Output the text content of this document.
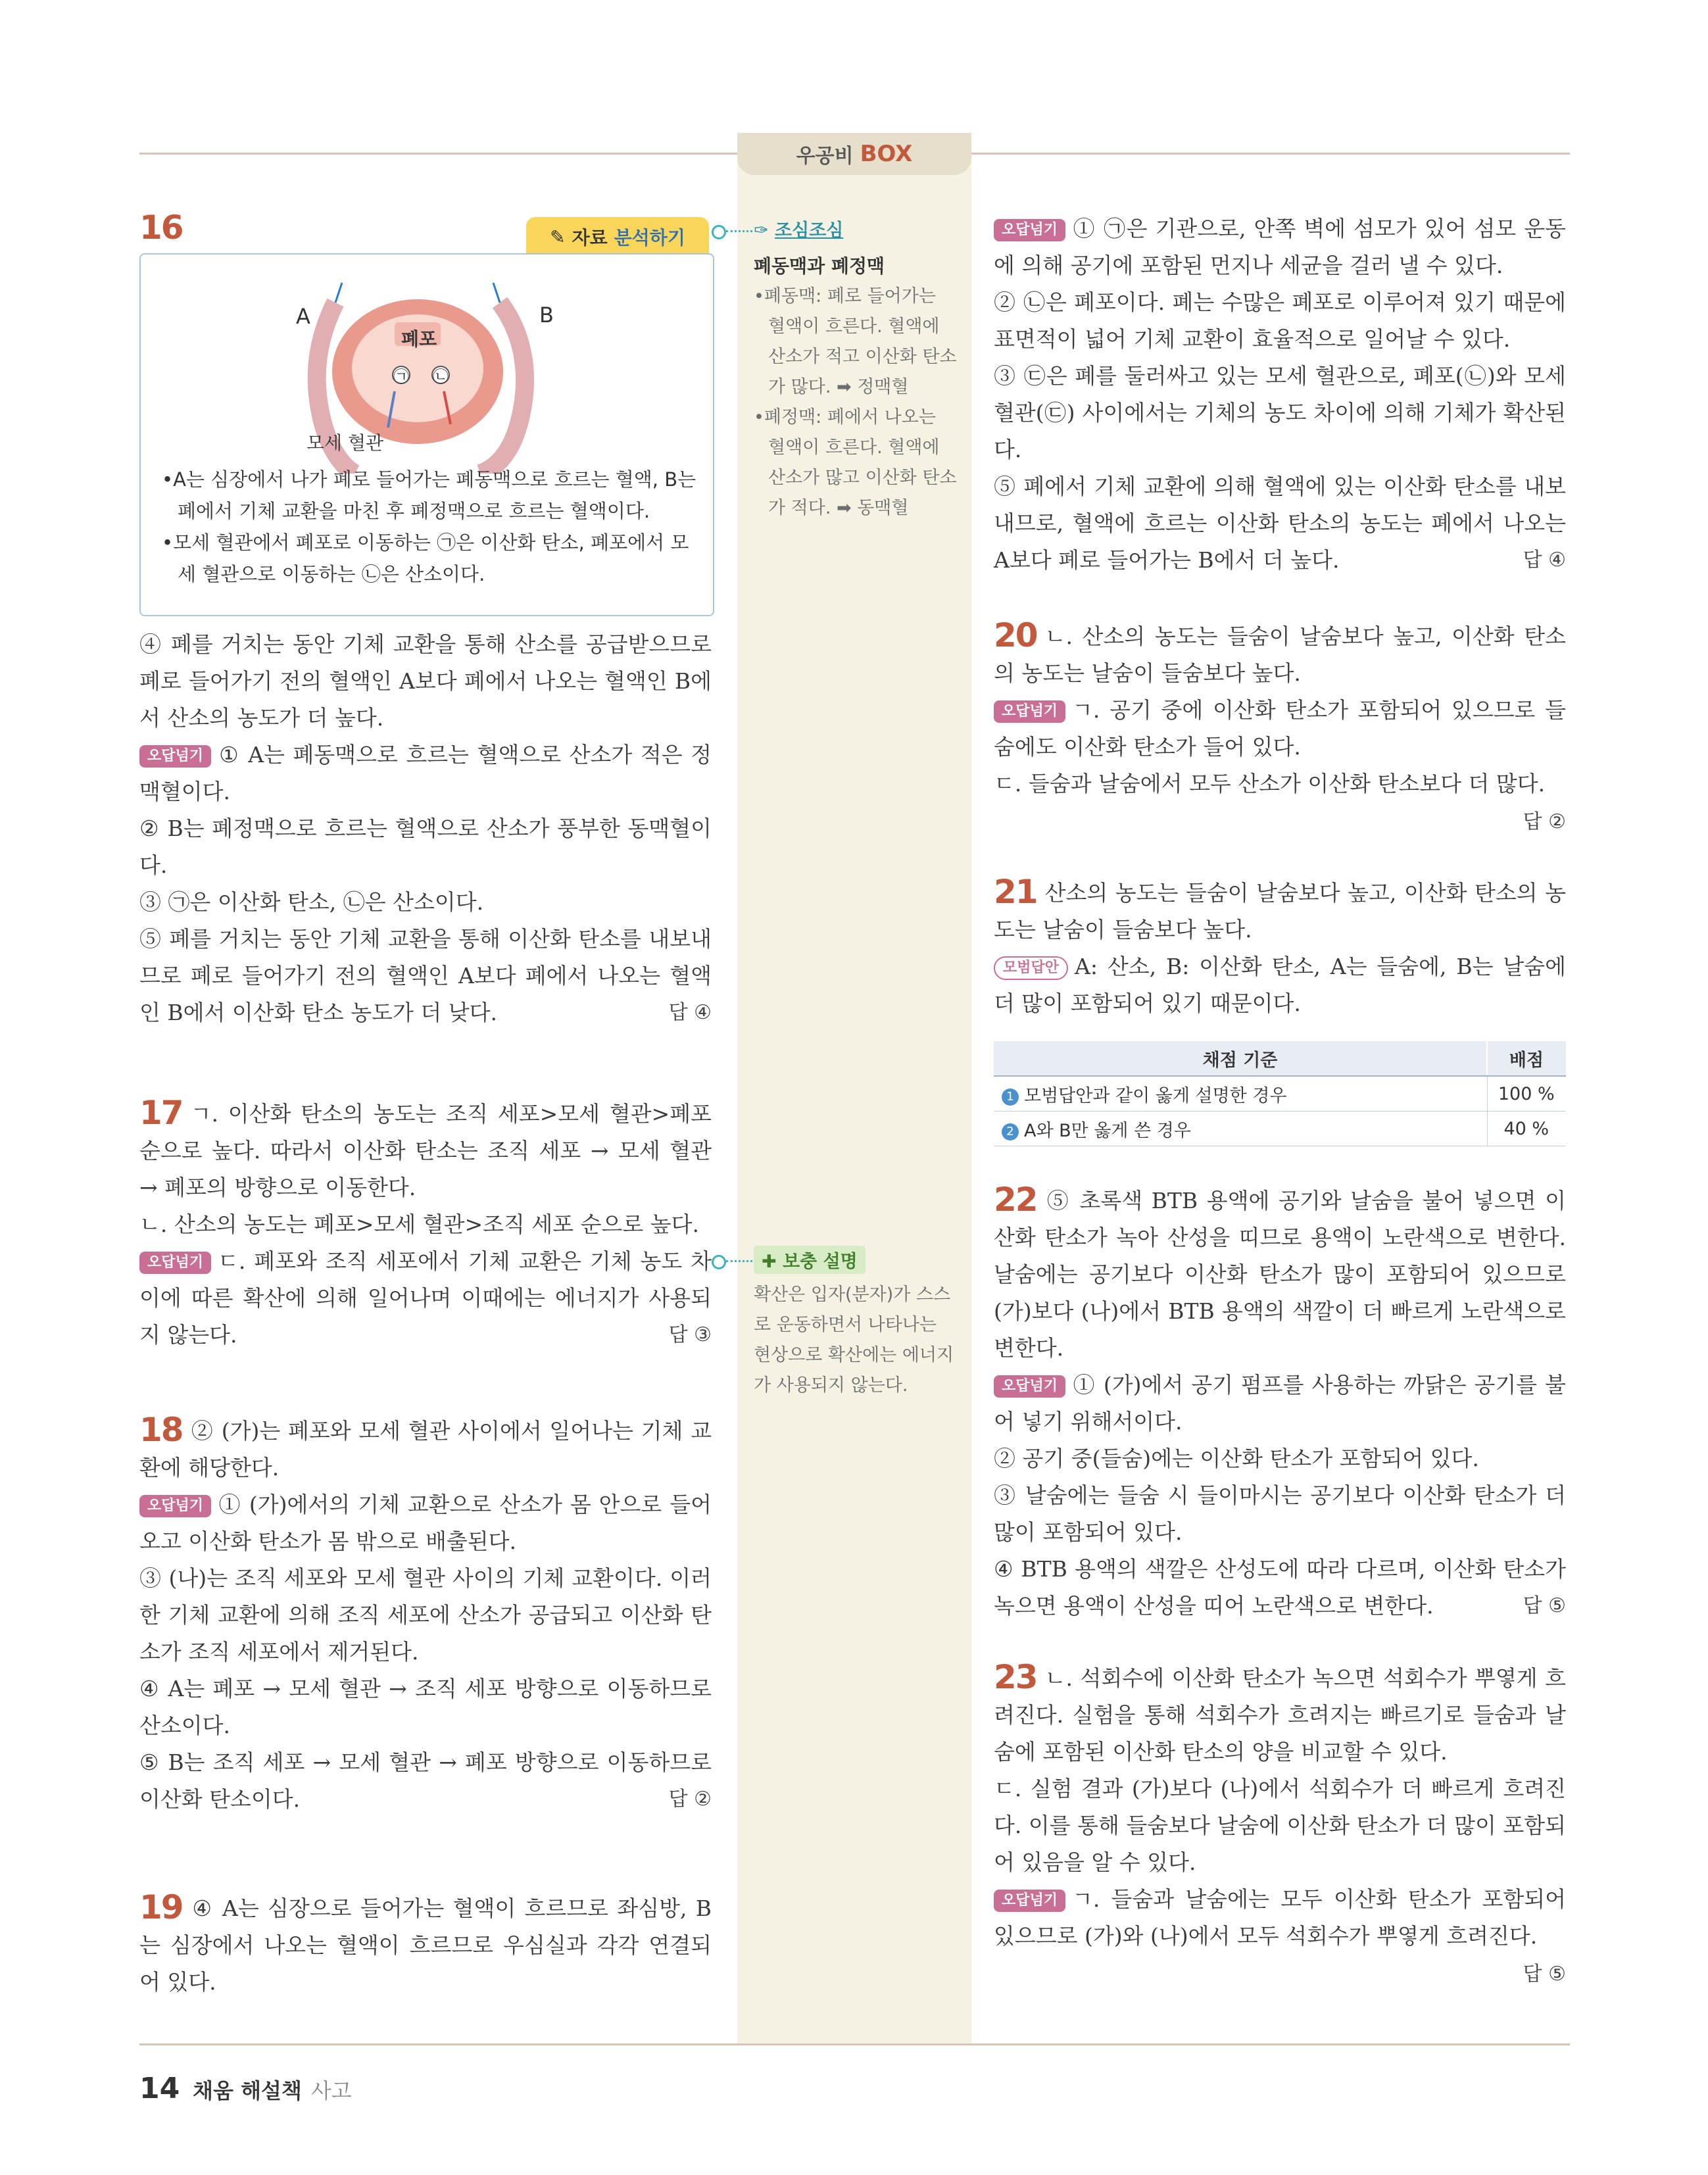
우공비 BOX
16	✎ 자료 분석하기
A	B
폐포
㉠ ㉡
모세 혈관

•A는 심장에서 나가 폐로 들어가는 폐동맥으로 흐르는 혈액, B는 폐에서 기체 교환을 마친 후 폐정맥으로 흐르는 혈액이다.

•모세 혈관에서 폐포로 이동하는 ㉠은 이산화 탄소, 폐포에서 모세 혈관으로 이동하는 ㉡은 산소이다.

④ 폐를 거치는 동안 기체 교환을 통해 산소를 공급받으므로 폐로 들어가기 전의 혈액인 A보다 폐에서 나오는 혈액인 B에서 산소의 농도가 더 높다.

오답넘기 ① A는 폐동맥으로 흐르는 혈액으로 산소가 적은 정맥혈이다.

② B는 폐정맥으로 흐르는 혈액으로 산소가 풍부한 동맥혈이다.

③ ㉠은 이산화 탄소, ㉡은 산소이다.

⑤ 폐를 거치는 동안 기체 교환을 통해 이산화 탄소를 내보내므로 폐로 들어가기 전의 혈액인 A보다 폐에서 나오는 혈액인 B에서 이산화 탄소 농도가 더 낮다.	답 ④

✑ 조심조심
폐동맥과 폐정맥
•폐동맥: 폐로 들어가는 혈액이 흐른다. 혈액에 산소가 적고 이산화 탄소가 많다. ➡ 정맥혈
•폐정맥: 폐에서 나오는 혈액이 흐른다. 혈액에 산소가 많고 이산화 탄소가 적다. ➡ 동맥혈

17 ㄱ. 이산화 탄소의 농도는 조직 세포>모세 혈관>폐포 순으로 높다. 따라서 이산화 탄소는 조직 세포 → 모세 혈관 → 폐포의 방향으로 이동한다.

ㄴ. 산소의 농도는 폐포>모세 혈관>조직 세포 순으로 높다.

오답넘기 ㄷ. 폐포와 조직 세포에서 기체 교환은 기체 농도 차이에 따른 확산에 의해 일어나며 이때에는 에너지가 사용되지 않는다.	답 ③

✚ 보충 설명
확산은 입자(분자)가 스스로 운동하면서 나타나는 현상으로 확산에는 에너지가 사용되지 않는다.

18 ② (가)는 폐포와 모세 혈관 사이에서 일어나는 기체 교환에 해당한다.

오답넘기 ① (가)에서의 기체 교환으로 산소가 몸 안으로 들어오고 이산화 탄소가 몸 밖으로 배출된다.

③ (나)는 조직 세포와 모세 혈관 사이의 기체 교환이다. 이러한 기체 교환에 의해 조직 세포에 산소가 공급되고 이산화 탄소가 조직 세포에서 제거된다.

④ A는 폐포 → 모세 혈관 → 조직 세포 방향으로 이동하므로 산소이다.

⑤ B는 조직 세포 → 모세 혈관 → 폐포 방향으로 이동하므로 이산화 탄소이다.	답 ②

19 ④ A는 심장으로 들어가는 혈액이 흐르므로 좌심방, B는 심장에서 나오는 혈액이 흐르므로 우심실과 각각 연결되어 있다.

오답넘기 ① ㉠은 기관으로, 안쪽 벽에 섬모가 있어 섬모 운동에 의해 공기에 포함된 먼지나 세균을 걸러 낼 수 있다.

② ㉡은 폐포이다. 폐는 수많은 폐포로 이루어져 있기 때문에 표면적이 넓어 기체 교환이 효율적으로 일어날 수 있다.

③ ㉢은 폐를 둘러싸고 있는 모세 혈관으로, 폐포(㉡)와 모세 혈관(㉢) 사이에서는 기체의 농도 차이에 의해 기체가 확산된다.

⑤ 폐에서 기체 교환에 의해 혈액에 있는 이산화 탄소를 내보내므로, 혈액에 흐르는 이산화 탄소의 농도는 폐에서 나오는 A보다 폐로 들어가는 B에서 더 높다.	답 ④

20 ㄴ. 산소의 농도는 들숨이 날숨보다 높고, 이산화 탄소의 농도는 날숨이 들숨보다 높다.

오답넘기 ㄱ. 공기 중에 이산화 탄소가 포함되어 있으므로 들숨에도 이산화 탄소가 들어 있다.

ㄷ. 들숨과 날숨에서 모두 산소가 이산화 탄소보다 더 많다.

답 ②

21 산소의 농도는 들숨이 날숨보다 높고, 이산화 탄소의 농도는 날숨이 들숨보다 높다.

모범답안 A: 산소, B: 이산화 탄소, A는 들숨에, B는 날숨에 더 많이 포함되어 있기 때문이다.

채점 기준	배점
1 모범답안과 같이 옳게 설명한 경우	100 %
2 A와 B만 옳게 쓴 경우	40 %

22 ⑤ 초록색 BTB 용액에 공기와 날숨을 불어 넣으면 이산화 탄소가 녹아 산성을 띠므로 용액이 노란색으로 변한다. 날숨에는 공기보다 이산화 탄소가 많이 포함되어 있으므로 (가)보다 (나)에서 BTB 용액의 색깔이 더 빠르게 노란색으로 변한다.

오답넘기 ① (가)에서 공기 펌프를 사용하는 까닭은 공기를 불어 넣기 위해서이다.

② 공기 중(들숨)에는 이산화 탄소가 포함되어 있다.

③ 날숨에는 들숨 시 들이마시는 공기보다 이산화 탄소가 더 많이 포함되어 있다.

④ BTB 용액의 색깔은 산성도에 따라 다르며, 이산화 탄소가 녹으면 용액이 산성을 띠어 노란색으로 변한다.	답 ⑤

23 ㄴ. 석회수에 이산화 탄소가 녹으면 석회수가 뿌옇게 흐려진다. 실험을 통해 석회수가 흐려지는 빠르기로 들숨과 날숨에 포함된 이산화 탄소의 양을 비교할 수 있다.

ㄷ. 실험 결과 (가)보다 (나)에서 석회수가 더 빠르게 흐려진다. 이를 통해 들숨보다 날숨에 이산화 탄소가 더 많이 포함되어 있음을 알 수 있다.

오답넘기 ㄱ. 들숨과 날숨에는 모두 이산화 탄소가 포함되어 있으므로 (가)와 (나)에서 모두 석회수가 뿌옇게 흐려진다.

답 ⑤

14 채움 해설책 사고
